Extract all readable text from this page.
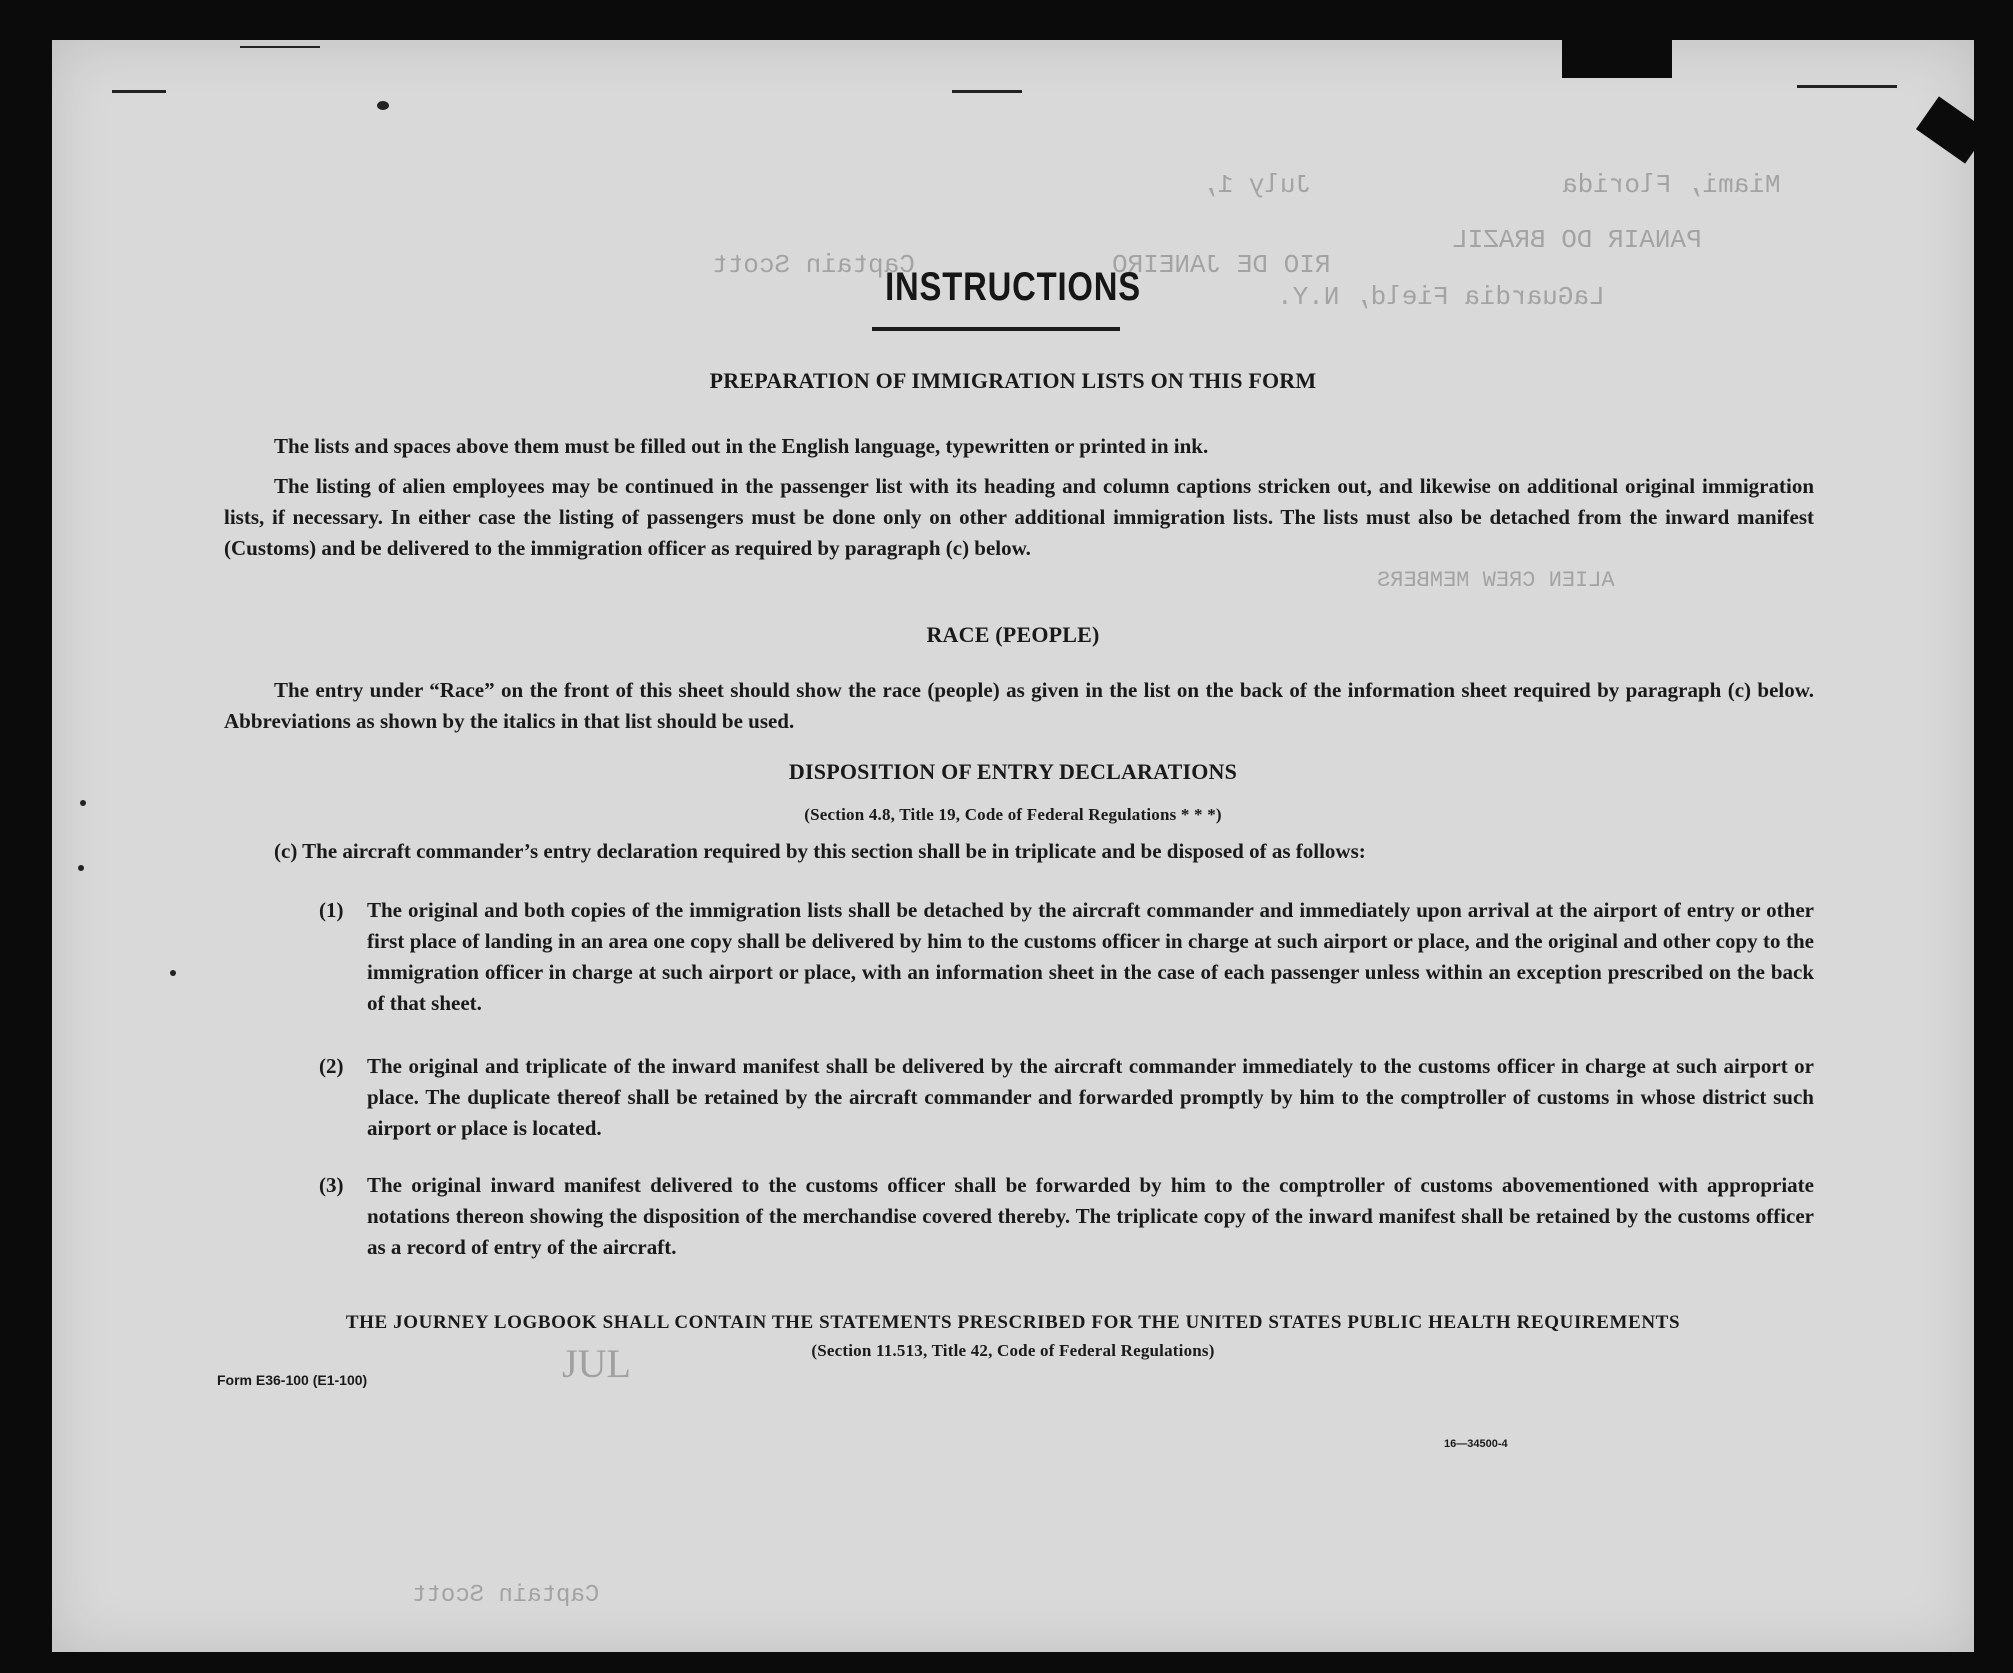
Miami, Florida
July 1,
PANAIR DO BRAZIL
RIO DE JANEIRO
Captain Scott
LaGuardia Field, N.Y.
ALIEN CREW MEMBERS
Captain Scott
INSTRUCTIONS
PREPARATION OF IMMIGRATION LISTS ON THIS FORM
The lists and spaces above them must be filled out in the English language, typewritten or printed in ink.
The listing of alien employees may be continued in the passenger list with its heading and column captions stricken out, and likewise on additional original immigration lists, if necessary. In either case the listing of passengers must be done only on other additional immigration lists. The lists must also be detached from the inward manifest (Customs) and be delivered to the immigration officer as required by paragraph (c) below.
RACE (PEOPLE)
The entry under “Race” on the front of this sheet should show the race (people) as given in the list on the back of the information sheet required by paragraph (c) below. Abbreviations as shown by the italics in that list should be used.
DISPOSITION OF ENTRY DECLARATIONS
(Section 4.8, Title 19, Code of Federal Regulations * * *)
(c) The aircraft commander’s entry declaration required by this section shall be in triplicate and be disposed of as follows:
(1) The original and both copies of the immigration lists shall be detached by the aircraft commander and immediately upon arrival at the airport of entry or other first place of landing in an area one copy shall be delivered by him to the customs officer in charge at such airport or place, and the original and other copy to the immigration officer in charge at such airport or place, with an information sheet in the case of each passenger unless within an exception prescribed on the back of that sheet.
(2) The original and triplicate of the inward manifest shall be delivered by the aircraft commander immediately to the customs officer in charge at such airport or place. The duplicate thereof shall be retained by the aircraft commander and forwarded promptly by him to the comptroller of customs in whose district such airport or place is located.
(3) The original inward manifest delivered to the customs officer shall be forwarded by him to the comptroller of customs abovementioned with appropriate notations thereon showing the disposition of the merchandise covered thereby. The triplicate copy of the inward manifest shall be retained by the customs officer as a record of entry of the aircraft.
THE JOURNEY LOGBOOK SHALL CONTAIN THE STATEMENTS PRESCRIBED FOR THE UNITED STATES PUBLIC HEALTH REQUIREMENTS
(Section 11.513, Title 42, Code of Federal Regulations)
Form E36-100 (E1-100)
16—34500-4
JUL
